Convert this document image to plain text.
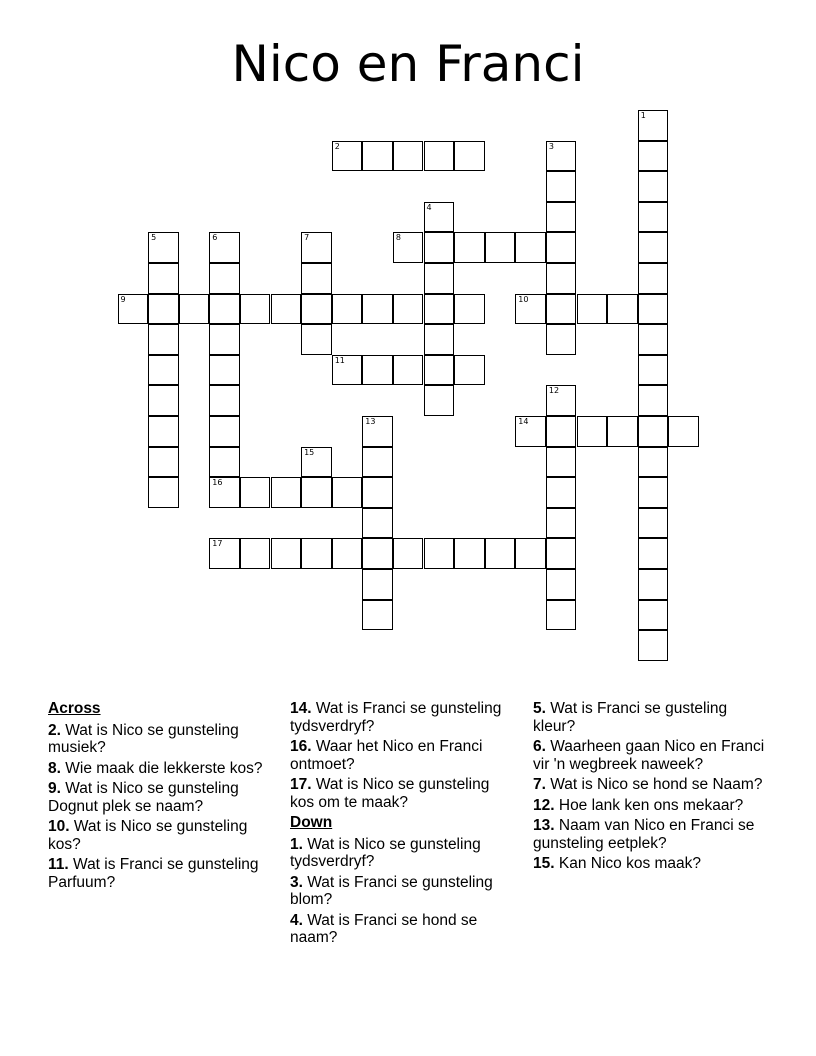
Nico en Franci
2
8
9	10
11
14
16
17
1
3
4
5	6	7
12
13
15
Across
2. Wat is Nico se gunsteling musiek?
8. Wie maak die lekkerste kos?
9. Wat is Nico se gunsteling Dognut plek se naam?
10. Wat is Nico se gunsteling kos?
11. Wat is Franci se gunsteling Parfuum?
14. Wat is Franci se gunsteling tydsverdryf?
16. Waar het Nico en Franci ontmoet?
17. Wat is Nico se gunsteling kos om te maak?
Down
1. Wat is Nico se gunsteling tydsverdryf?
3. Wat is Franci se gunsteling blom?
4. Wat is Franci se hond se naam?
5. Wat is Franci se gusteling kleur?
6. Waarheen gaan Nico en Franci vir 'n wegbreek naweek?
7. Wat is Nico se hond se Naam?
12. Hoe lank ken ons mekaar?
13. Naam van Nico en Franci se gunsteling eetplek?
15. Kan Nico kos maak?
